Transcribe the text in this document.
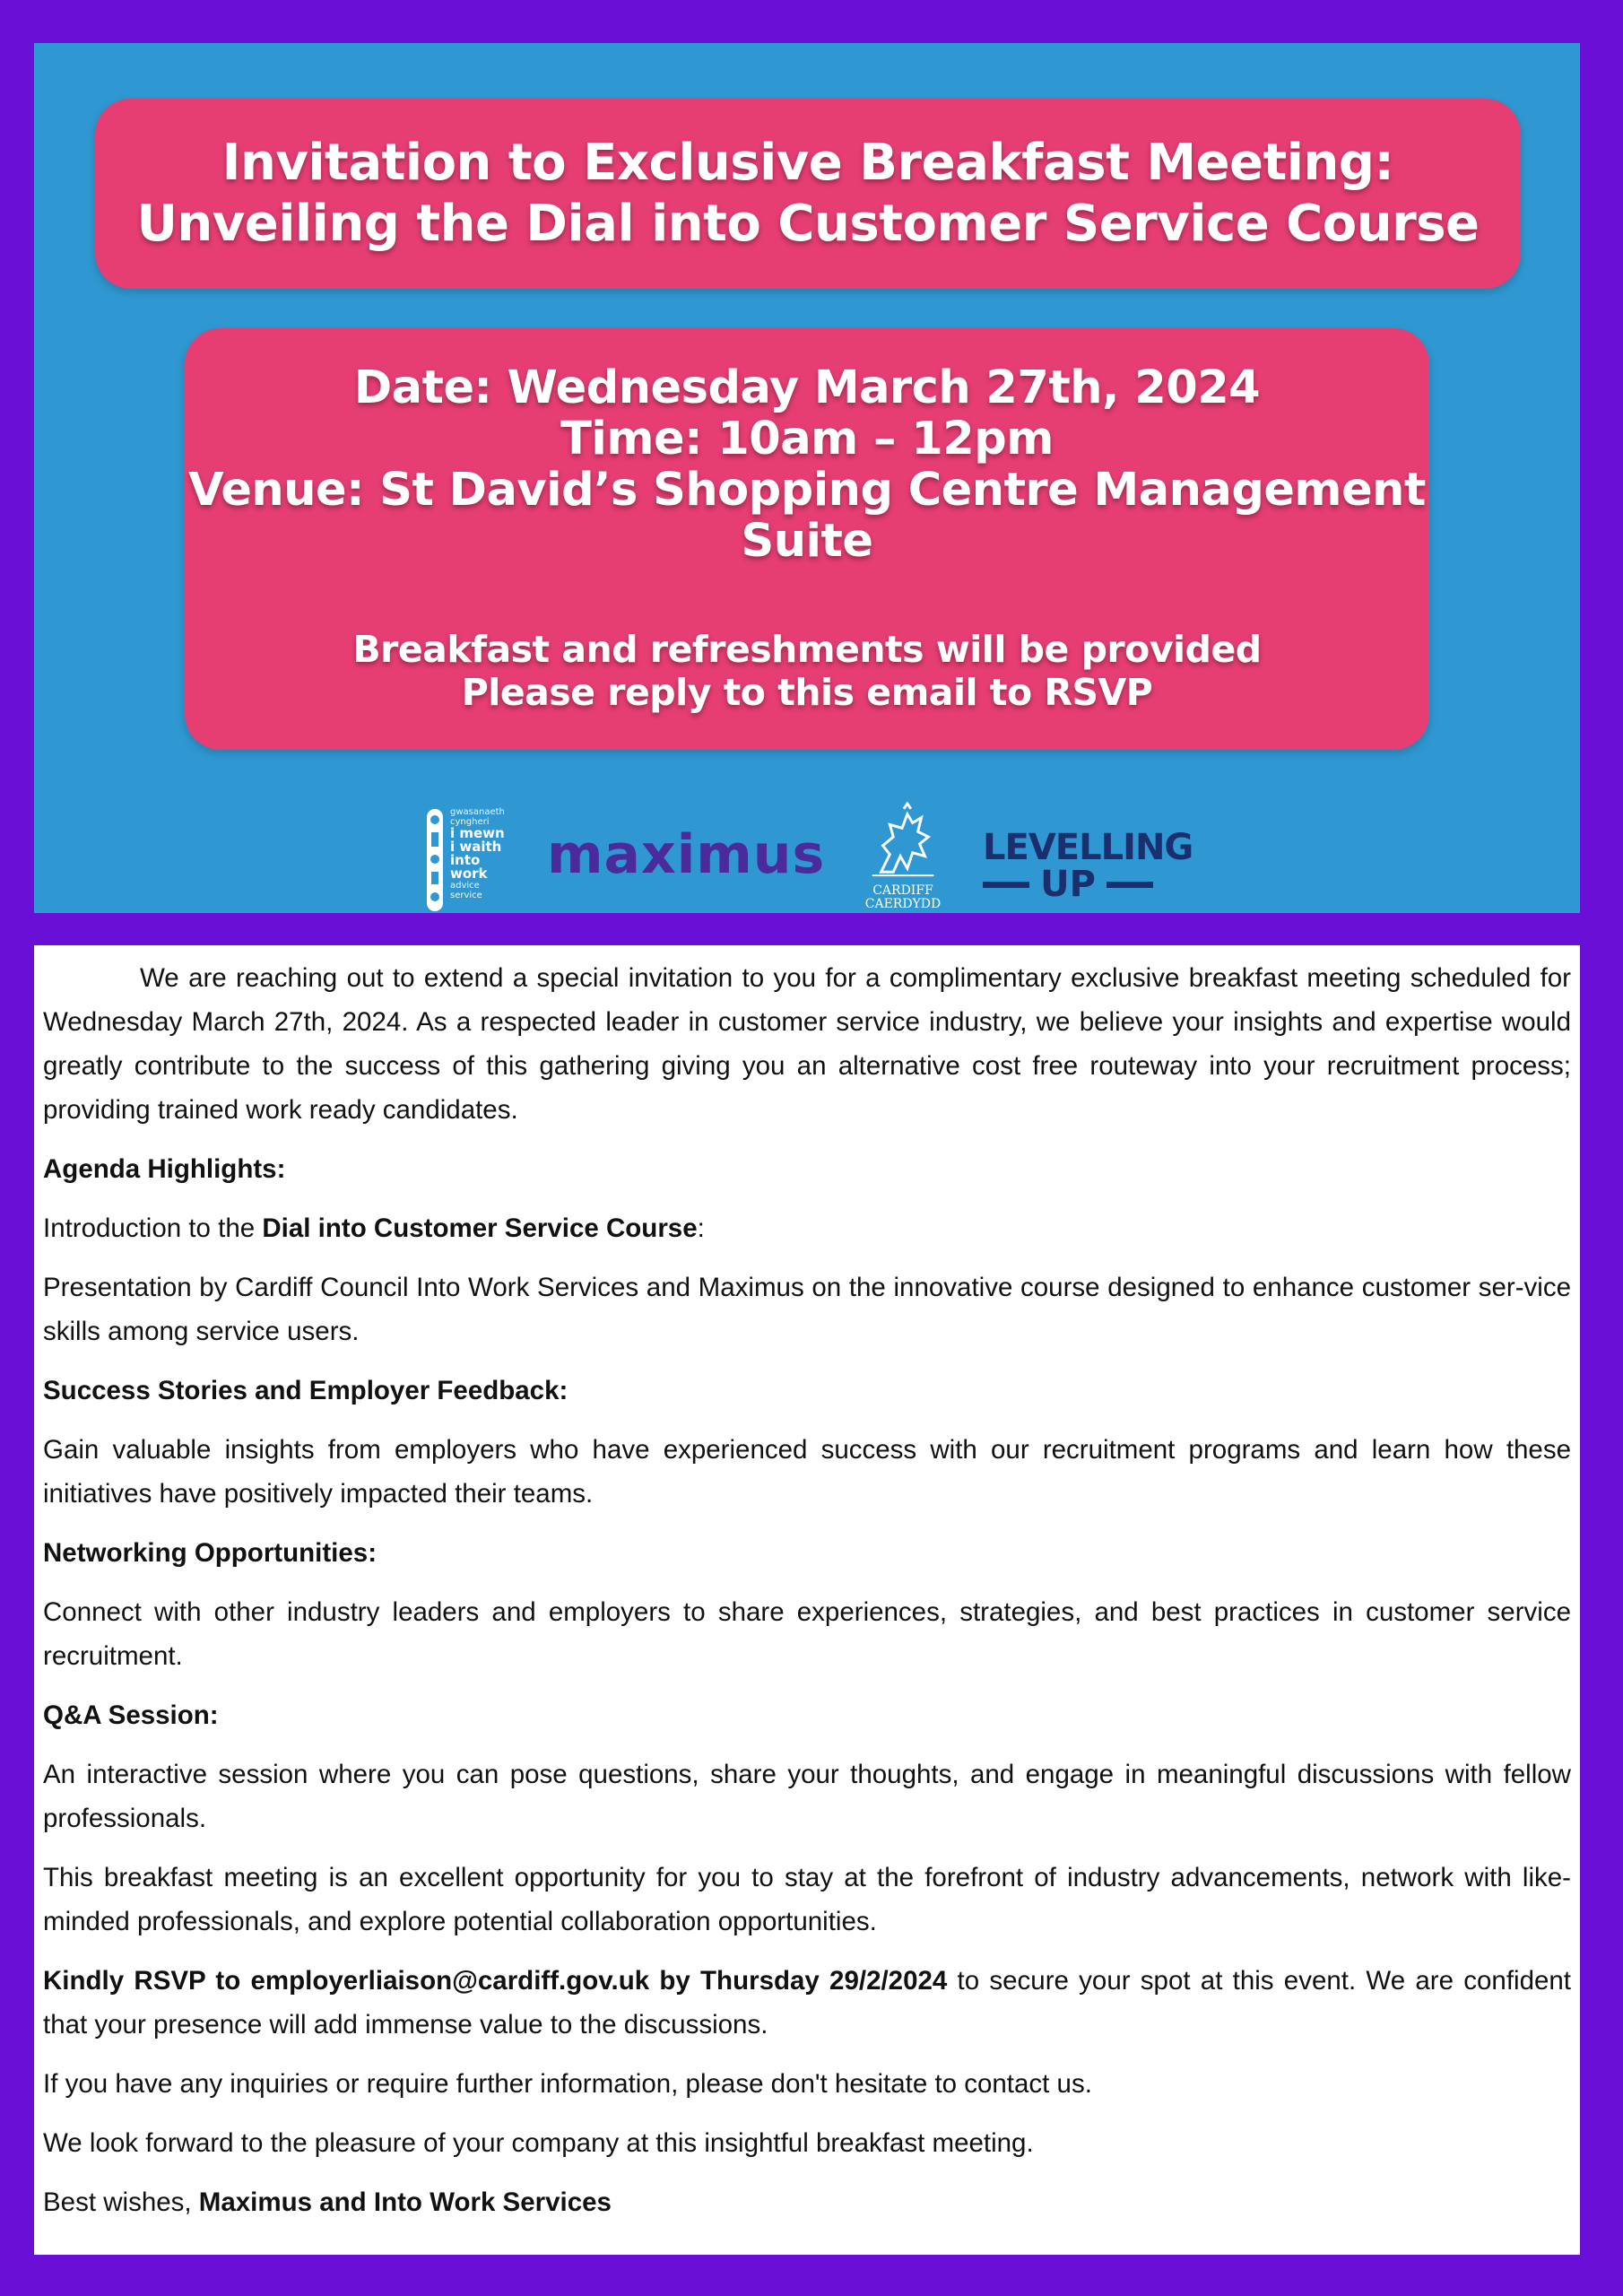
Invitation to Exclusive Breakfast Meeting:
Unveiling the Dial into Customer Service Course
Date: Wednesday March 27th, 2024
Time: 10am – 12pm
Venue: St David’s Shopping Centre Management
Suite
Breakfast and refreshments will be provided
Please reply to this email to RSVP
gwasanaeth
cyngheri
i mewn
i waith
into
work
advice
service
maximus
CARDIFF
CAERDYDD
LEVELLING
UP

We are reaching out to extend a special invitation to you for a complimentary exclusive breakfast meeting scheduled for Wednesday March 27th, 2024. As a respected leader in customer service industry, we believe your insights and expertise would greatly contribute to the success of this gathering giving you an alternative cost free routeway into your recruitment process; providing trained work ready candidates.

Agenda Highlights:

Introduction to the Dial into Customer Service Course:

Presentation by Cardiff Council Into Work Services and Maximus on the innovative course designed to enhance customer ser-vice skills among service users.

Success Stories and Employer Feedback:

Gain valuable insights from employers who have experienced success with our recruitment programs and learn how these initiatives have positively impacted their teams.

Networking Opportunities:

Connect with other industry leaders and employers to share experiences, strategies, and best practices in customer service recruitment.

Q&A Session:

An interactive session where you can pose questions, share your thoughts, and engage in meaningful discussions with fellow professionals.

This breakfast meeting is an excellent opportunity for you to stay at the forefront of industry advancements, network with like-minded professionals, and explore potential collaboration opportunities.

Kindly RSVP to employerliaison@cardiff.gov.uk by Thursday 29/2/2024 to secure your spot at this event. We are confident that your presence will add immense value to the discussions.

If you have any inquiries or require further information, please don't hesitate to contact us.

We look forward to the pleasure of your company at this insightful breakfast meeting.

Best wishes, Maximus and Into Work Services
